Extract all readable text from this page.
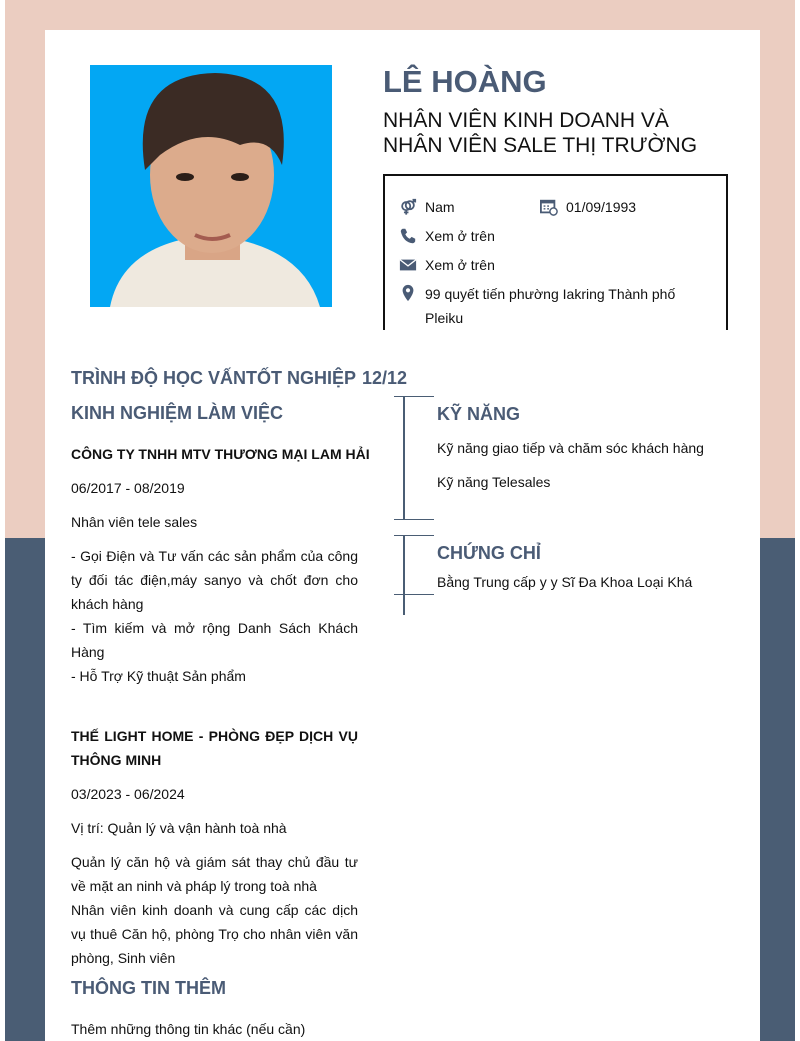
LÊ HOÀNG
NHÂN VIÊN KINH DOANH VÀ NHÂN VIÊN SALE THỊ TRƯỜNG
Nam	01/09/1993
Xem ở trên
Xem ở trên
99 quyết tiến phường Iakring Thành phố Pleiku
TRÌNH ĐỘ HỌC VẤNTỐT NGHIỆP 12/12
KINH NGHIỆM LÀM VIỆC
CÔNG TY TNHH MTV THƯƠNG MẠI LAM HẢI
06/2017 - 08/2019
Nhân viên tele sales
- Gọi Điện và Tư vấn các sản phẩm của công ty đối tác điện,máy sanyo và chốt đơn cho khách hàng
- Tìm kiếm và mở rộng Danh Sách Khách Hàng
- Hỗ Trợ Kỹ thuật Sản phẩm
THẾ LIGHT HOME - PHÒNG ĐẸP DỊCH VỤ THÔNG MINH
03/2023 - 06/2024
Vị trí: Quản lý và vận hành toà nhà
Quản lý căn hộ và giám sát thay chủ đầu tư về mặt an ninh và pháp lý trong toà nhà
Nhân viên kinh doanh và cung cấp các dịch vụ thuê Căn hộ, phòng Trọ cho nhân viên văn phòng, Sinh viên
THÔNG TIN THÊM
Thêm những thông tin khác (nếu cần)
KỸ NĂNG
Kỹ năng giao tiếp và chăm sóc khách hàng
Kỹ năng Telesales
CHỨNG CHỈ
Bằng Trung cấp y y Sĩ Đa Khoa Loại Khá
